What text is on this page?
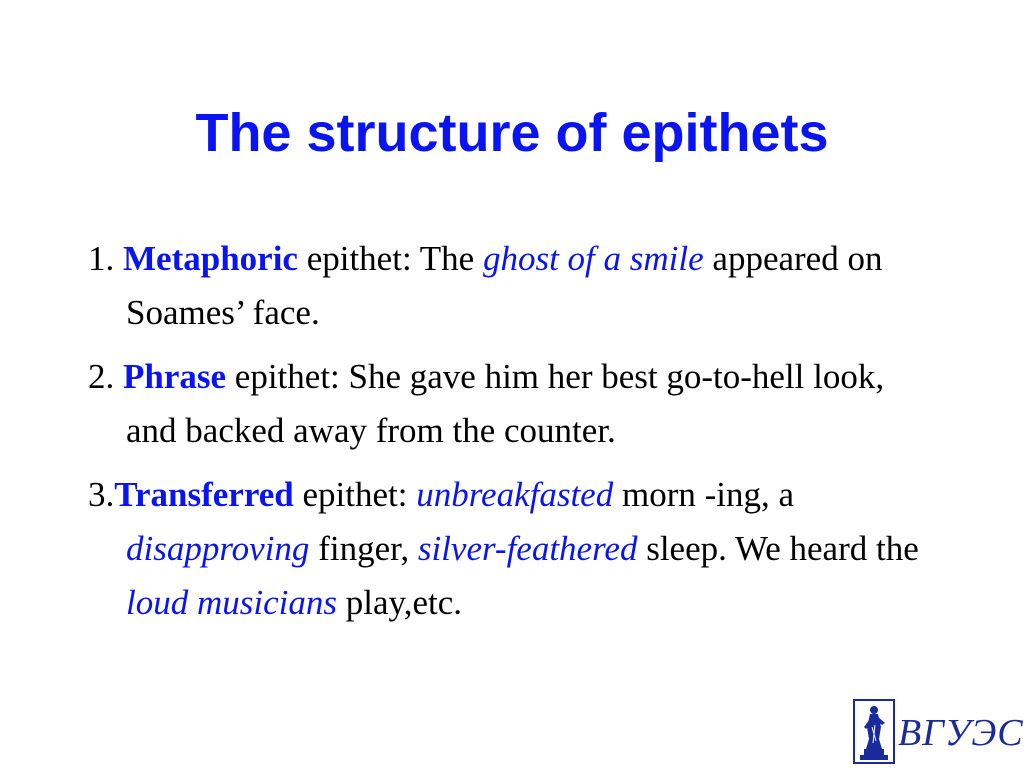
The structure of epithets

1. Metaphoric epithet: The ghost of a smile appeared on Soames’ face.

2. Phrase epithet: She gave him her best go-to-hell look, and backed away from the counter.

3.Transferred epithet: unbreakfasted morn -ing, a disapproving finger, silver-feathered sleep. We heard the loud musicians play,etc.

ВГУЭС
